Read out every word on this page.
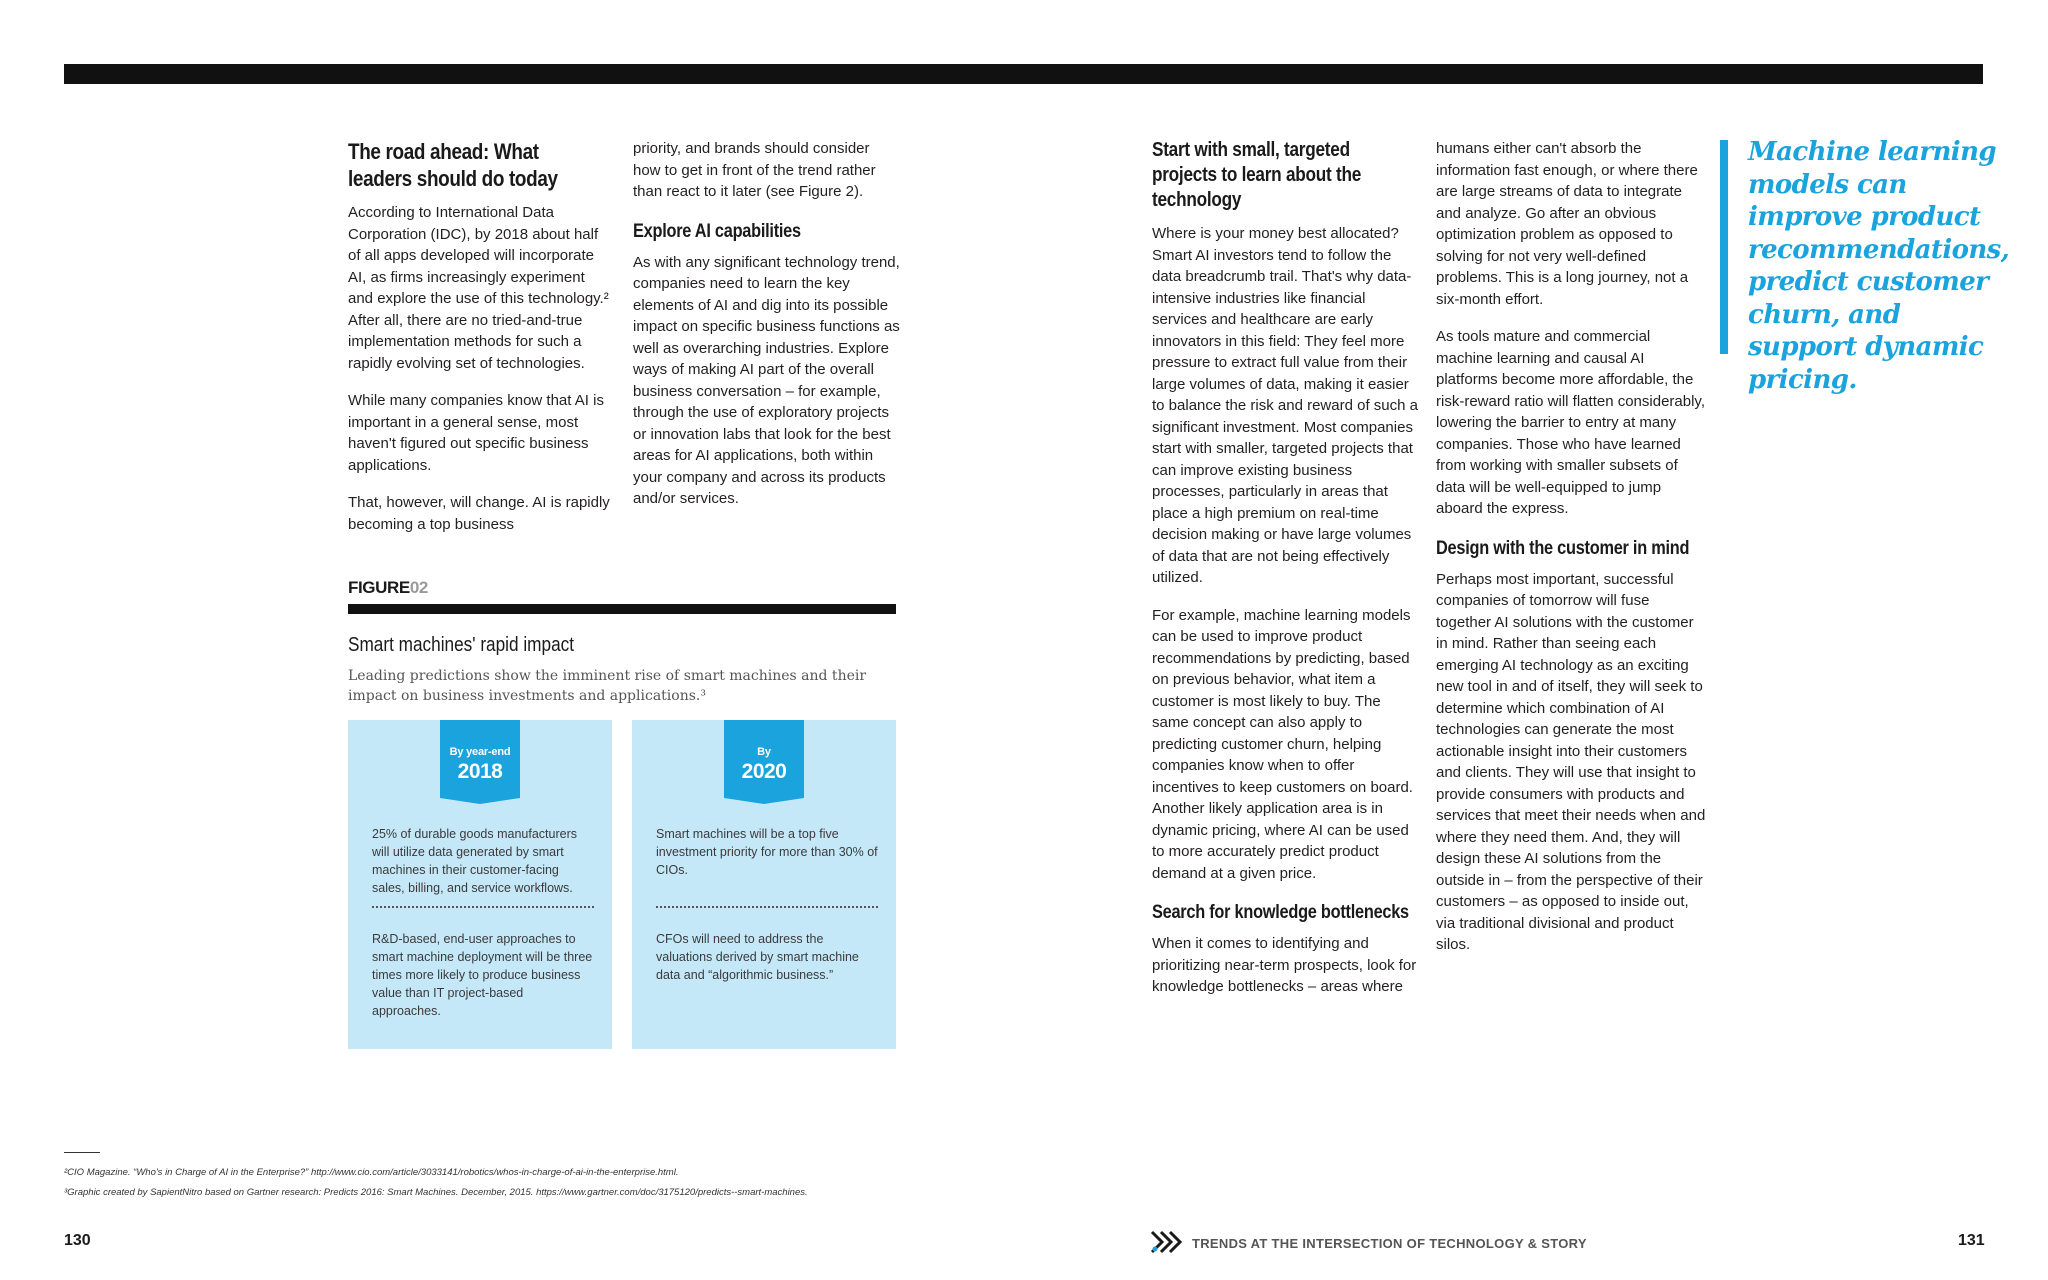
The road ahead: What leaders should do today

According to International Data Corporation (IDC), by 2018 about half of all apps developed will incorporate AI, as firms increasingly experiment and explore the use of this technology.² After all, there are no tried-and-true implementation methods for such a rapidly evolving set of technologies.

While many companies know that AI is important in a general sense, most haven't figured out specific business applications.

That, however, will change. AI is rapidly becoming a top business

priority, and brands should consider how to get in front of the trend rather than react to it later (see Figure 2).

Explore AI capabilities

As with any significant technology trend, companies need to learn the key elements of AI and dig into its possible impact on specific business functions as well as overarching industries. Explore ways of making AI part of the overall business conversation – for example, through the use of exploratory projects or innovation labs that look for the best areas for AI applications, both within your company and across its products and/or services.

FIGURE02
Smart machines' rapid impact
Leading predictions show the imminent rise of smart machines and their impact on business investments and applications.³
By year-end
2018
25% of durable goods manufacturers will utilize data generated by smart machines in their customer-facing sales, billing, and service workflows.
R&D-based, end-user approaches to smart machine deployment will be three times more likely to produce business value than IT project-based approaches.
By
2020
Smart machines will be a top five investment priority for more than 30% of CIOs.
CFOs will need to address the valuations derived by smart machine data and “algorithmic business.”
Start with small, targeted projects to learn about the technology

Where is your money best allocated? Smart AI investors tend to follow the data breadcrumb trail. That's why data-intensive industries like financial services and healthcare are early innovators in this field: They feel more pressure to extract full value from their large volumes of data, making it easier to balance the risk and reward of such a significant investment. Most companies start with smaller, targeted projects that can improve existing business processes, particularly in areas that place a high premium on real-time decision making or have large volumes of data that are not being effectively utilized.

For example, machine learning models can be used to improve product recommendations by predicting, based on previous behavior, what item a customer is most likely to buy. The same concept can also apply to predicting customer churn, helping companies know when to offer incentives to keep customers on board. Another likely application area is in dynamic pricing, where AI can be used to more accurately predict product demand at a given price.

Search for knowledge bottlenecks

When it comes to identifying and prioritizing near-term prospects, look for knowledge bottlenecks – areas where

humans either can't absorb the information fast enough, or where there are large streams of data to integrate and analyze. Go after an obvious optimization problem as opposed to solving for not very well-defined problems. This is a long journey, not a six-month effort.

As tools mature and commercial machine learning and causal AI platforms become more affordable, the risk-reward ratio will flatten considerably, lowering the barrier to entry at many companies. Those who have learned from working with smaller subsets of data will be well-equipped to jump aboard the express.

Design with the customer in mind

Perhaps most important, successful companies of tomorrow will fuse together AI solutions with the customer in mind. Rather than seeing each emerging AI technology as an exciting new tool in and of itself, they will seek to determine which combination of AI technologies can generate the most actionable insight into their customers and clients. They will use that insight to provide consumers with products and services that meet their needs when and where they need them. And, they will design these AI solutions from the outside in – from the perspective of their customers – as opposed to inside out, via traditional divisional and product silos.

Machine learning models can improve product recommendations, predict customer churn, and support dynamic pricing.
²CIO Magazine. “Who's in Charge of AI in the Enterprise?” http://www.cio.com/article/3033141/robotics/whos-in-charge-of-ai-in-the-enterprise.html.
³Graphic created by SapientNitro based on Gartner research: Predicts 2016: Smart Machines. December, 2015. https://www.gartner.com/doc/3175120/predicts--smart-machines.
130	TRENDS AT THE INTERSECTION OF TECHNOLOGY & STORY	131
